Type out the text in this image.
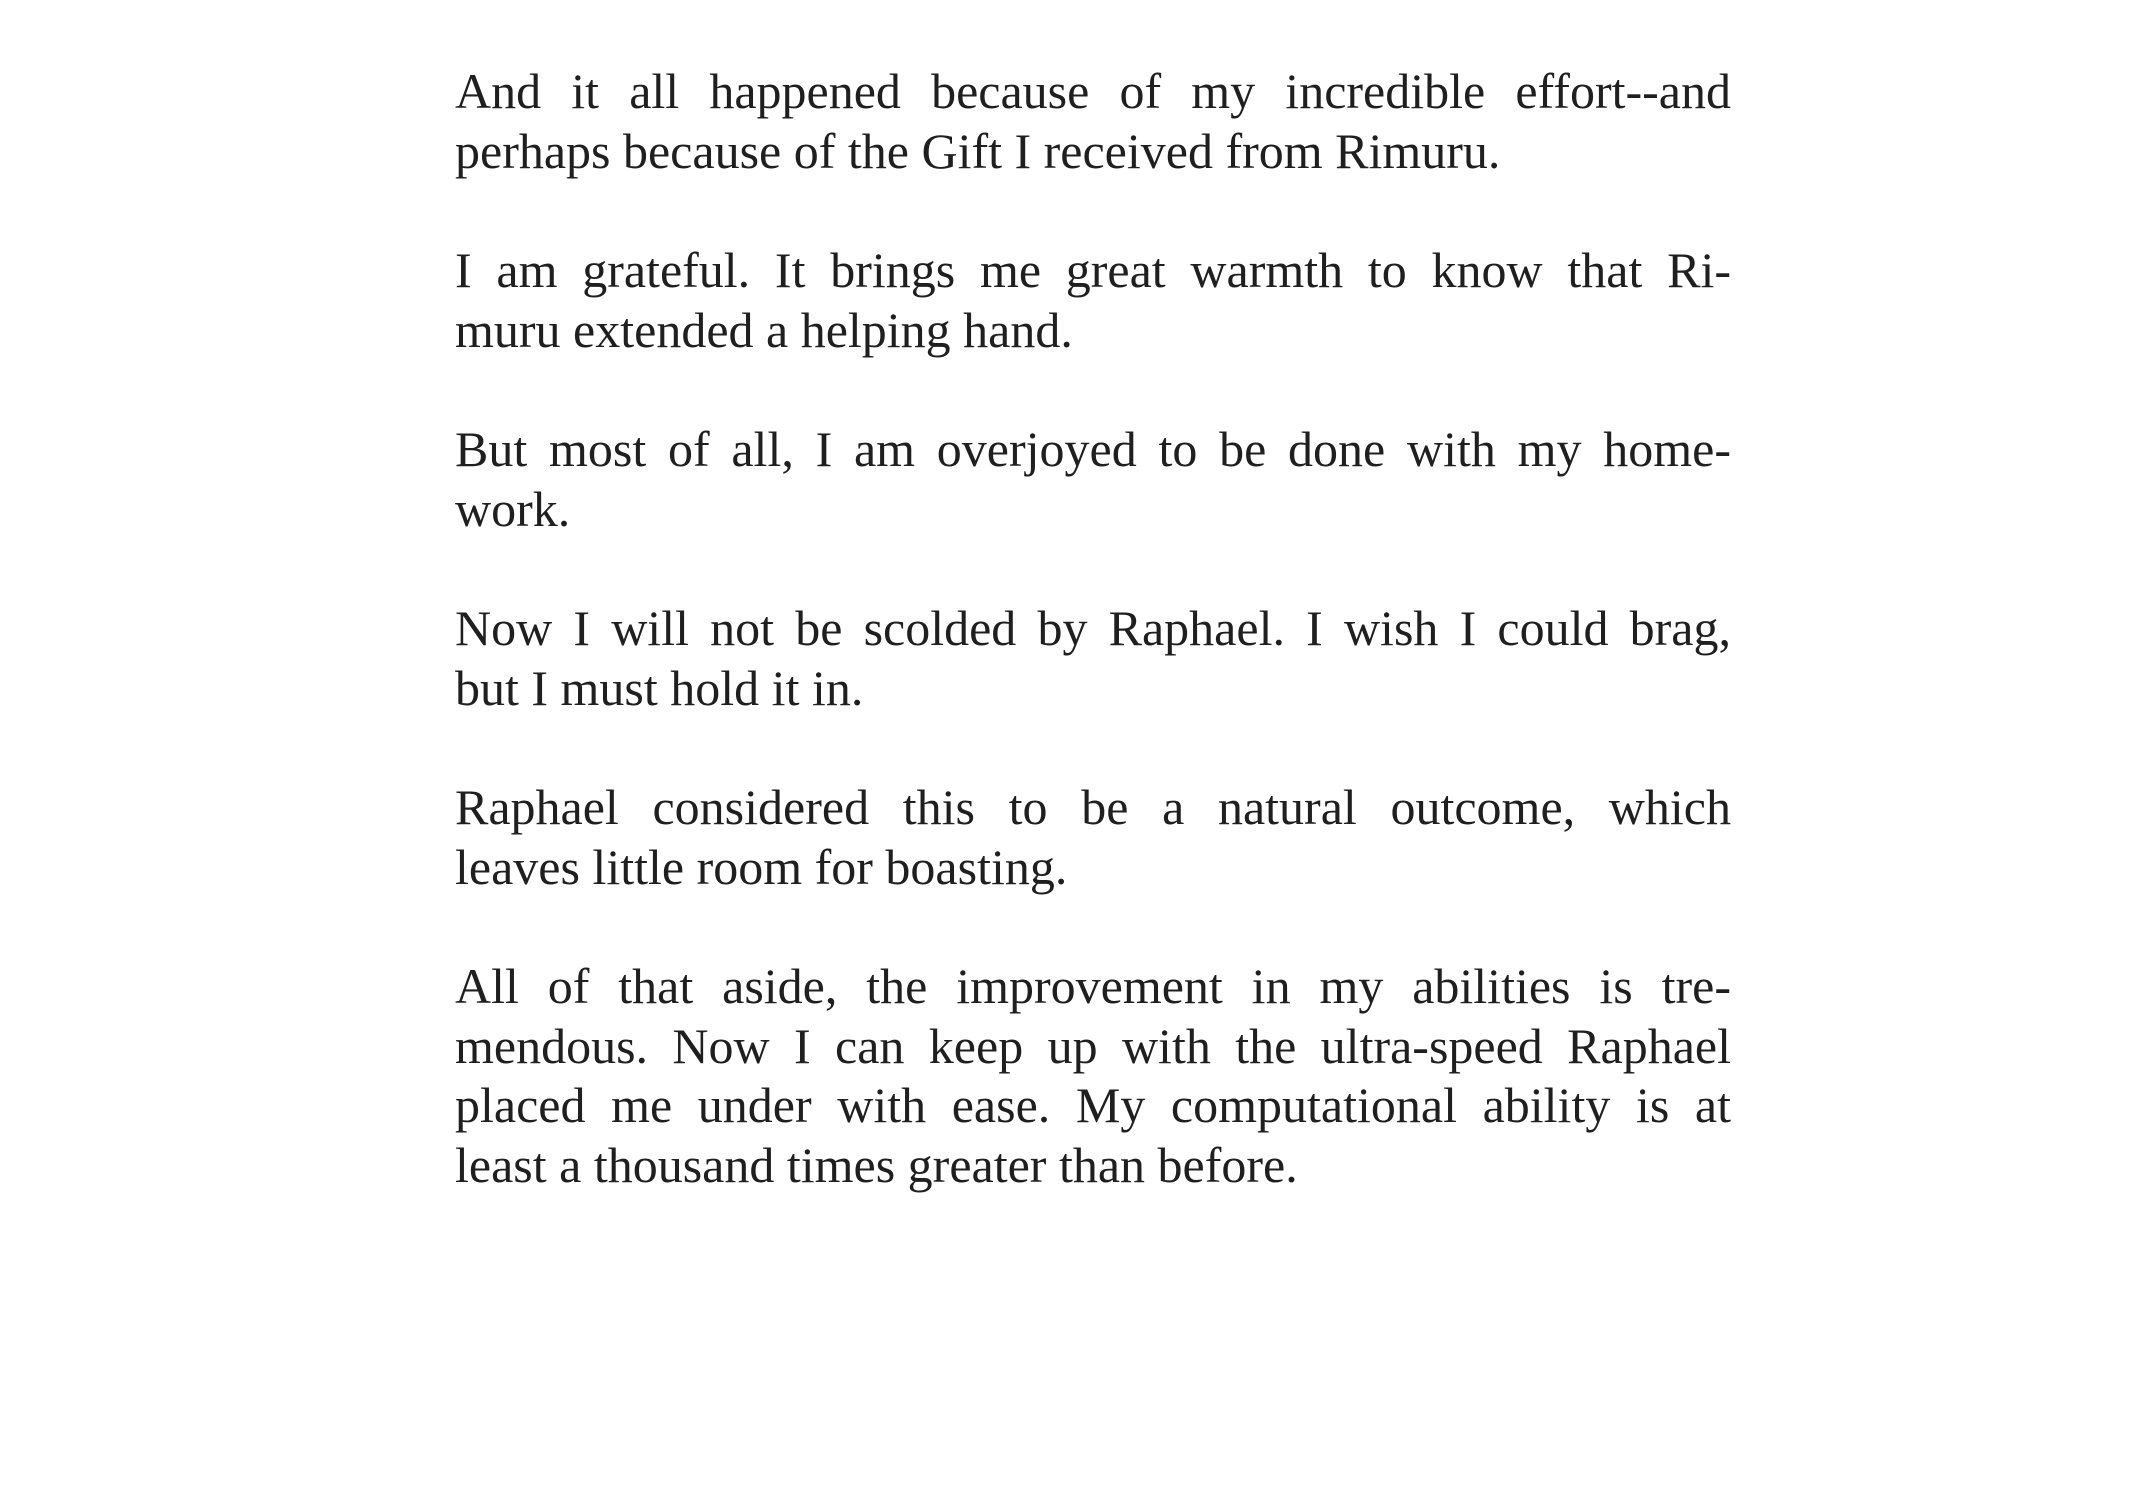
And it all happened because of my incredible effort--and
perhaps because of the Gift I received from Rimuru.
I am grateful. It brings me great warmth to know that Ri-
muru extended a helping hand.
But most of all, I am overjoyed to be done with my home-
work.
Now I will not be scolded by Raphael. I wish I could brag,
but I must hold it in.
Raphael considered this to be a natural outcome, which
leaves little room for boasting.
All of that aside, the improvement in my abilities is tre-
mendous. Now I can keep up with the ultra-speed Raphael
placed me under with ease. My computational ability is at
least a thousand times greater than before.
